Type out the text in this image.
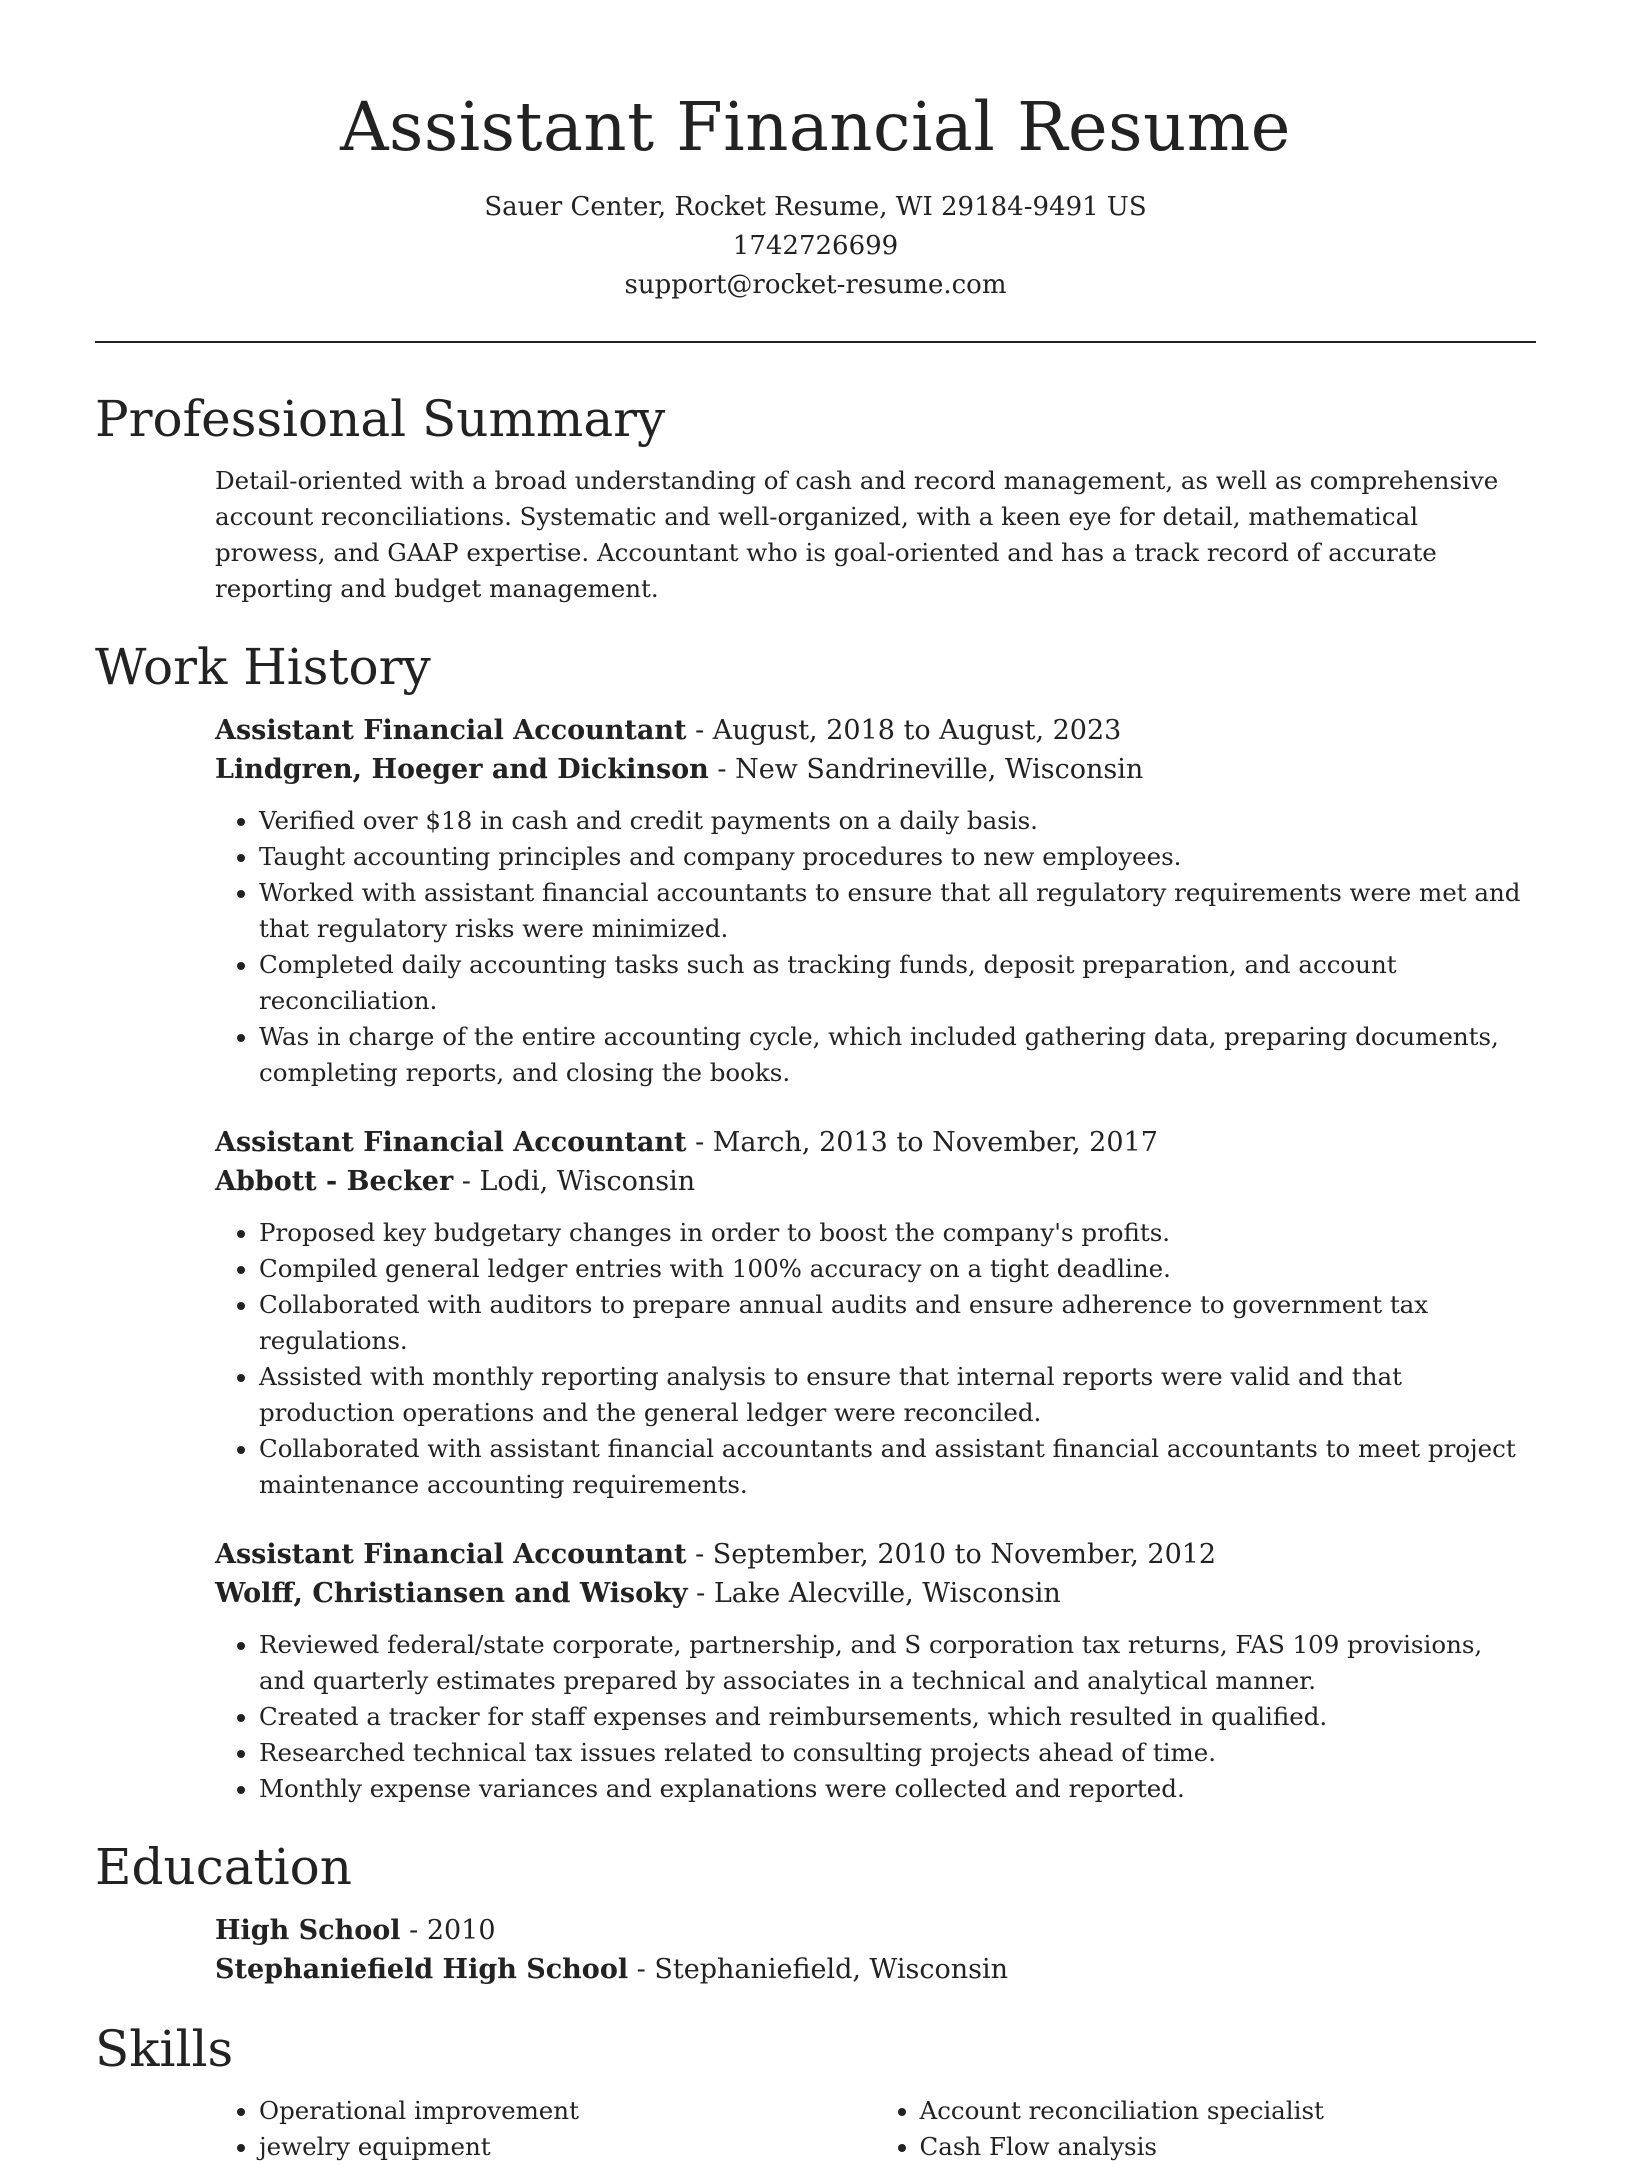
Assistant Financial Resume
Sauer Center, Rocket Resume, WI 29184-9491 US
1742726699
support@rocket-resume.com
Professional Summary

Detail-oriented with a broad understanding of cash and record management, as well as comprehensive account reconciliations. Systematic and well-organized, with a keen eye for detail, mathematical prowess, and GAAP expertise. Accountant who is goal-oriented and has a track record of accurate reporting and budget management.

Work History
Assistant Financial Accountant - August, 2018 to August, 2023
Lindgren, Hoeger and Dickinson - New Sandrineville, Wisconsin
• Verified over $18 in cash and credit payments on a daily basis.
• Taught accounting principles and company procedures to new employees.
• Worked with assistant financial accountants to ensure that all regulatory requirements were met and that regulatory risks were minimized.
• Completed daily accounting tasks such as tracking funds, deposit preparation, and account reconciliation.
• Was in charge of the entire accounting cycle, which included gathering data, preparing documents, completing reports, and closing the books.
Assistant Financial Accountant - March, 2013 to November, 2017
Abbott - Becker - Lodi, Wisconsin
• Proposed key budgetary changes in order to boost the company's profits.
• Compiled general ledger entries with 100% accuracy on a tight deadline.
• Collaborated with auditors to prepare annual audits and ensure adherence to government tax regulations.
• Assisted with monthly reporting analysis to ensure that internal reports were valid and that production operations and the general ledger were reconciled.
• Collaborated with assistant financial accountants and assistant financial accountants to meet project maintenance accounting requirements.
Assistant Financial Accountant - September, 2010 to November, 2012
Wolff, Christiansen and Wisoky - Lake Alecville, Wisconsin
• Reviewed federal/state corporate, partnership, and S corporation tax returns, FAS 109 provisions, and quarterly estimates prepared by associates in a technical and analytical manner.
• Created a tracker for staff expenses and reimbursements, which resulted in qualified.
• Researched technical tax issues related to consulting projects ahead of time.
• Monthly expense variances and explanations were collected and reported.
Education
High School - 2010
Stephaniefield High School - Stephaniefield, Wisconsin
Skills
• Operational improvement
• jewelry equipment
• Account reconciliation specialist
• Cash Flow analysis
